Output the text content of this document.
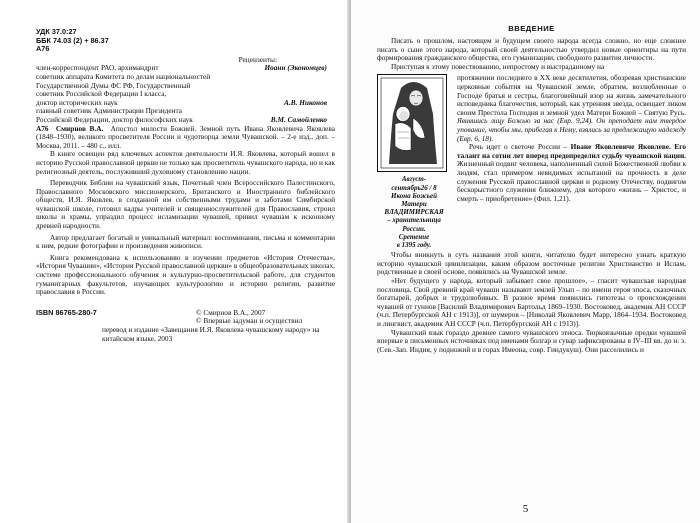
УДК 37.0:27
ББК 74.03 (2) + 86.37
А76
Рецензенты:
член-корреспондент РАО, архимандрит	Иоанн (Экономцев)
советник аппарата Комитета по делам национальностей
Государственной Думы ФС РФ, Государственный
советник Российской Федерации I класса,
доктор исторических наук	А.В. Никонов
главный советник Администрации Президента
Российской Федерации, доктор философских наук	В.М. Самойленко

А76 Смирнов В.А. Апостол милости Божией. Земной путь Ивана Яковлевича Яковлева (1848–1930), великого просветителя России и чудотворца земли Чувашской. – 2-е изд., доп. – Москва, 2011. – 480 с., илл.

В книге освещен ряд ключевых аспектов деятельности И.Я. Яковлева, который вошел в историю Русской православной церкви не только как просветитель чувашского народа, но и как религиозный деятель, послуживший духовному становлению нации.

Переводчик Библии на чувашский язык, Почетный член Всероссийского Палестинского, Православного Московского миссионерского, Британского и Иностранного библейского обществ, И.Я. Яковлев, в созданной им собственными трудами и заботами Симбирской чувашской школе, готовил кадры учителей и священнослужителей для Православия, строил школы и храмы, упраздил процесс исламизации чувашей, привил чувашам к исконному древней народности.

Автор предлагает богатый и уникальный материал: воспоминания, письма и комментарии к ним, редкие фотографии и произведения живописи.

Книга рекомендована к использованию в изучении предметов «История Отечества», «История Чувашии», «История Русской православной церкви» в общеобразовательных школах, системе профессионального обучения и культурно-просветительской работе, для студентов гуманитарных факультетов, изучающих культурологию и историю религии, развитие православия в России.

ISBN 86765-280-7	© Смирнов В.А., 2007
© Впервые задуман и осуществил
перевод и издание «Завещания И.Я. Яковлева чувашскому народу» на китайском языке, 2003
ВВЕДЕНИЕ

Писать о прошлом, настоящем и будущем своего народа всегда сложно, но еще сложнее писать о сыне этого народа, который своей деятельностью утвердил новые ориентиры на пути формирования гражданского общества, его гуманизации, свободного развития личности.

Приступая к этому повествованию, непростому и выстраданному на

Август-
сентябрь26 / 8
Икона Божьей
Матери
ВЛАДИМИРСКАЯ
– хранительница
России.
Сретение
в 1395 году.

протяжении последнего в XX веке десятилетия, обозревая христианские церковные события на Чувашской земле, обратим, возлюбленные о Господе братья и сестры, благоговейный взор на жизнь замечательного исповедника благочестия, который, как утренняя звезда, освещает ликом своим Престола Господня и земной удел Матери Божией – Святую Русь. Явившись лицу Божью за нас (Евр. 9,24). Он преподает нам твердое упование, чтобы мы, прибегая к Нему, взялись за предлежащую надежду (Евр. 6, 18).

Речь идет о светоче России – Иване Яковлевиче Яковлеве. Его талант на сотни лет вперед предопределил судьбу чувашской нации. Жизненный подвиг человека, наполненный силой Божественной любви к людям, стал примером невидимых испытаний на прочность в деле служения Русской православной церкви и родному Отечеству, подвигом бескорыстного служения ближнему, для которого «жизнь – Христос, и смерть – приобретение» (Фил. 1,21).

Чтобы вникнуть в суть названия этой книги, читателю будет интересно узнать краткую историю чувашской цивилизации, каким образом восточные религии Христианство и Ислам, родственные в своей основе, появились на Чувашской земле.

«Нет будущего у народа, который забывает свое прошлое», – гласит чувашская народная пословица. Свой древний край чуваши называют землей Улып – по имени героя эпоса, сказочных богатырей, добрых и трудолюбивых. В разное время появились гипотезы о происхождении чувашей от гуннов [Василий Владимирович Бартольд 1869–1930. Востоковед, академик АН СССР (ч.п. Петербургской АН с 1913)], от шумеров – [Николай Яковлевич Марр, 1864–1934. Востоковед и лингвист, академик АН СССР (ч.п. Петербургской АН с 1913)].

Чувашский язык гораздо древнее самого чувашского этноса. Тюркоязычные предки чувашей впервые в письменных источниках под именами болгар и сувар зафиксированы в IV–III вв. до н. э. (Сев.-Зап. Индия, у подножий и в горах Имеона, совр. Гиндукуш). Они расселились и

5
